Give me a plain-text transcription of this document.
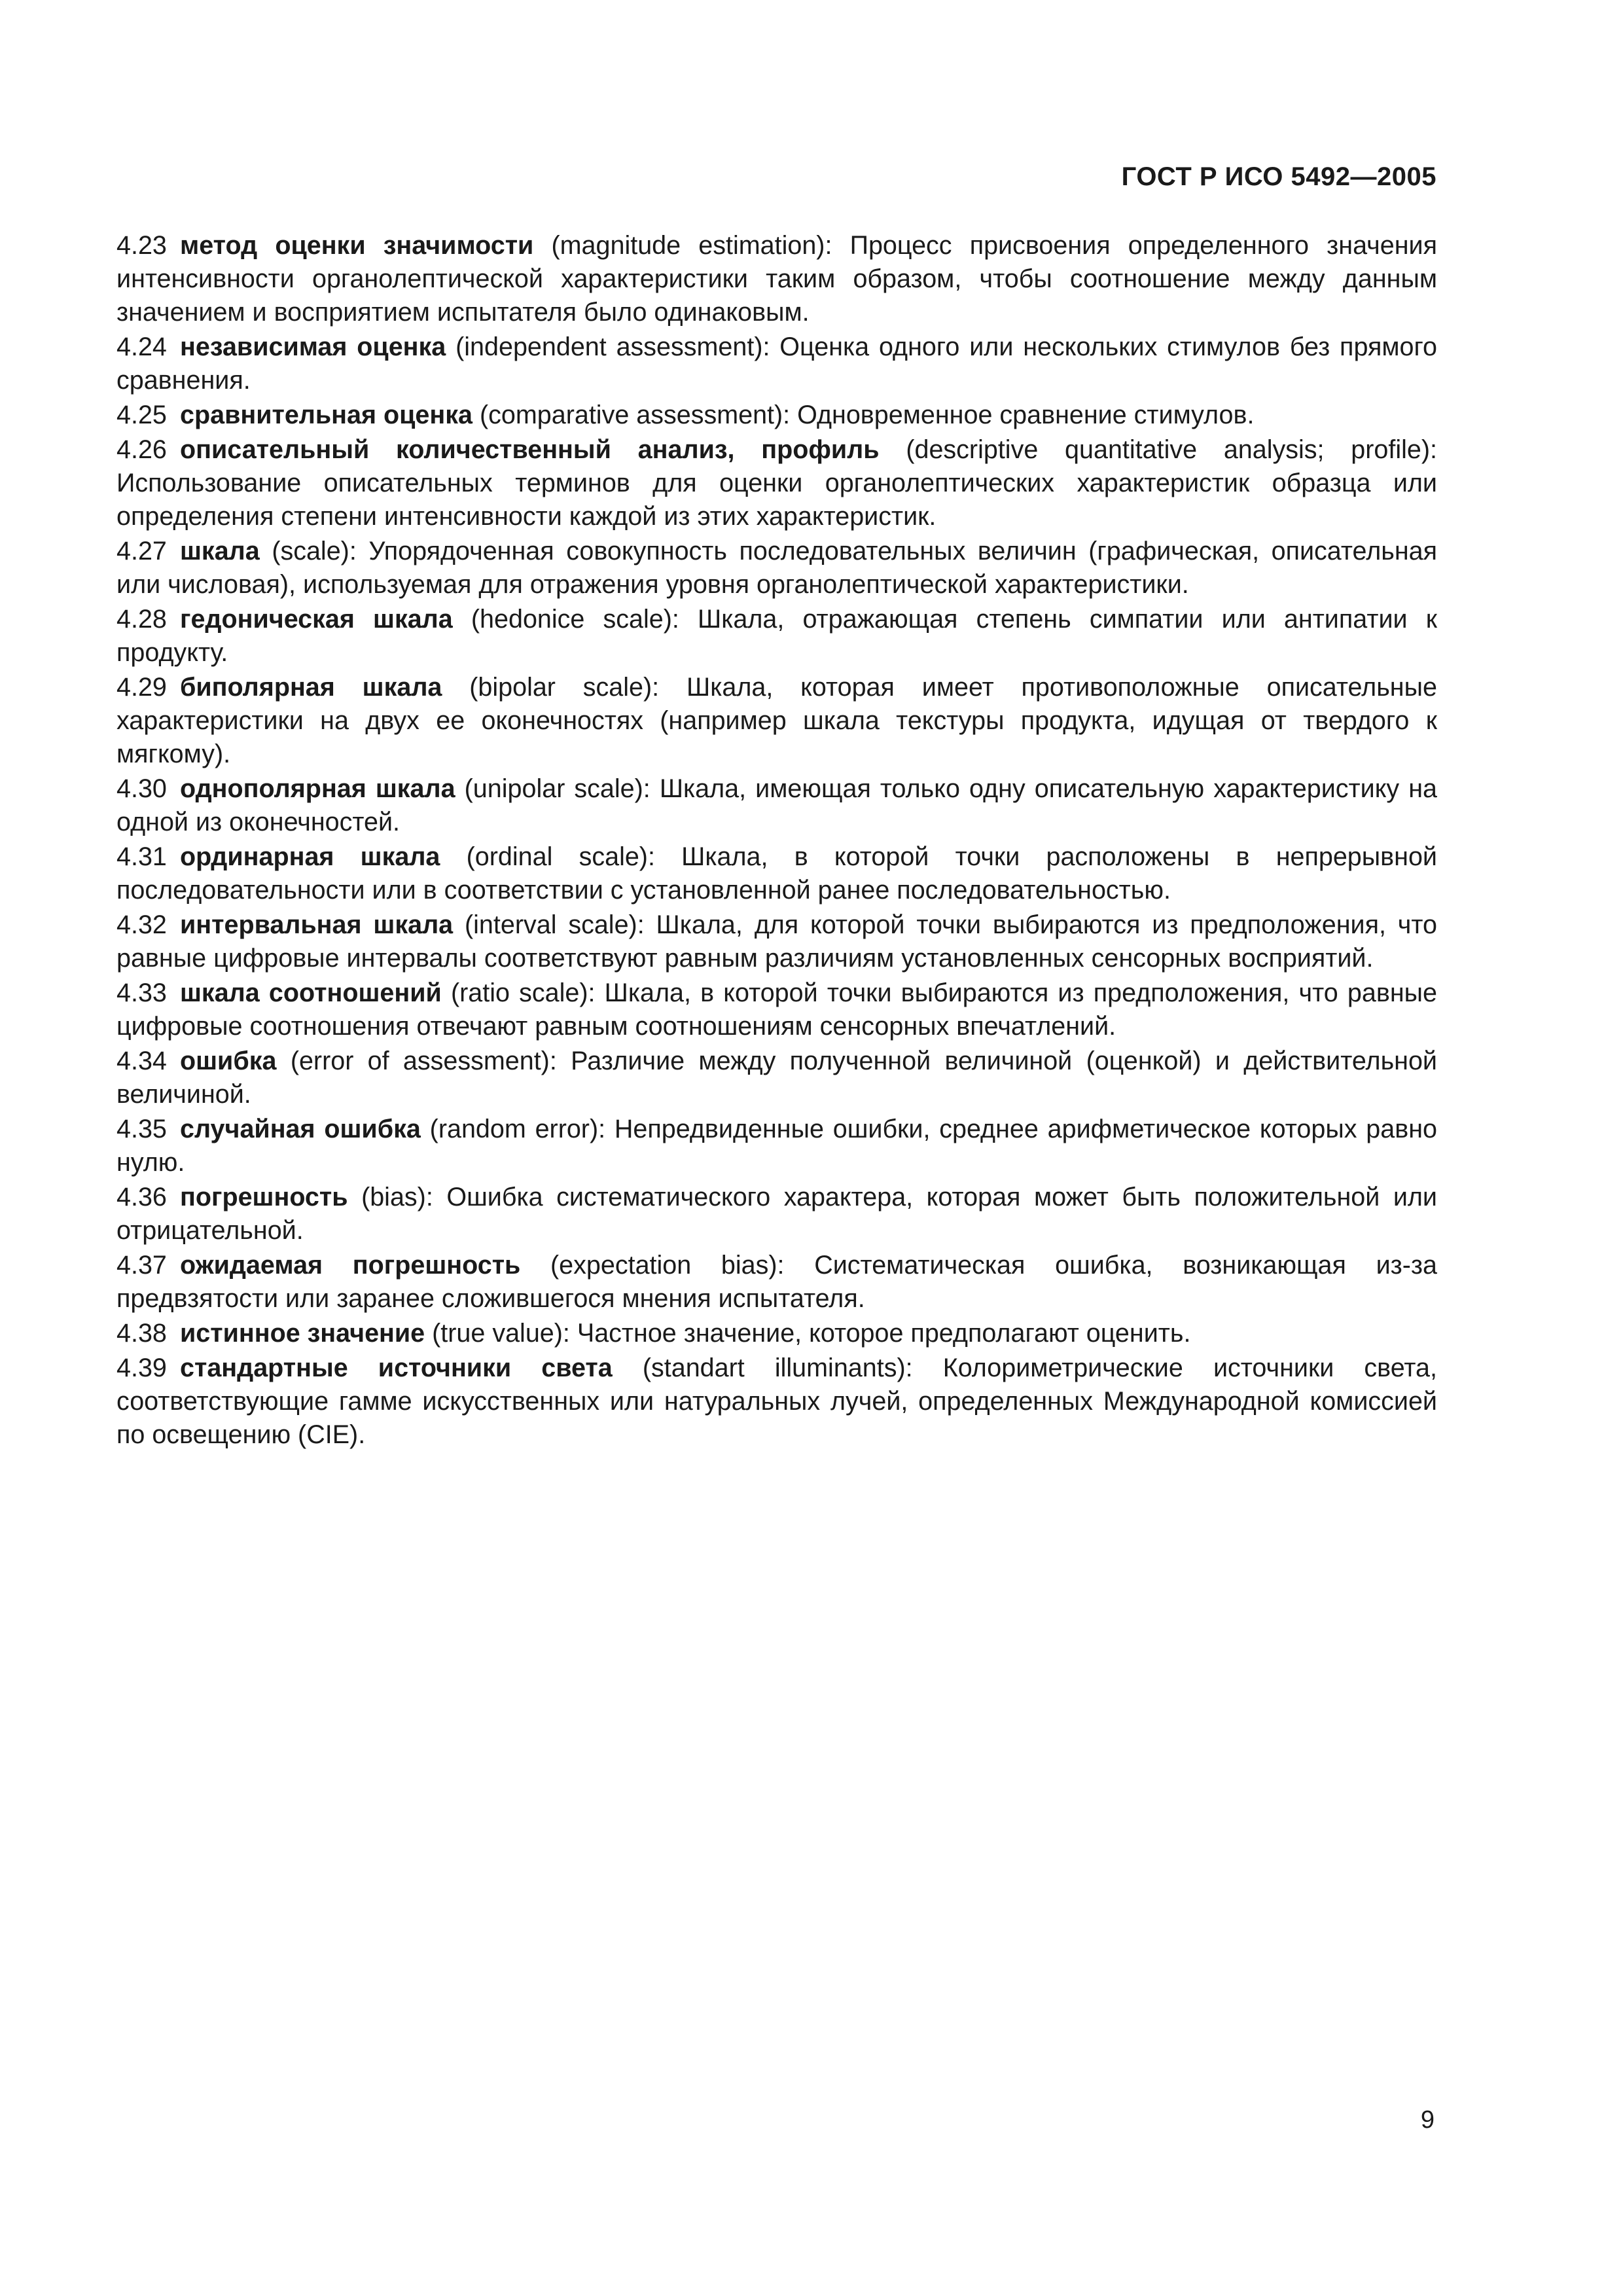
ГОСТ Р ИСО 5492—2005

4.23 метод оценки значимости (magnitude estimation): Процесс присвоения определенного значения интенсивности органолептической характеристики таким образом, чтобы соотношение между данным значением и восприятием испытателя было одинаковым.

4.24 независимая оценка (independent assessment): Оценка одного или нескольких стимулов без прямого сравнения.

4.25 сравнительная оценка (comparative assessment): Одновременное сравнение стимулов.

4.26 описательный количественный анализ, профиль (descriptive quantitative analysis; profile): Использование описательных терминов для оценки органолептических характеристик образца или определения степени интенсивности каждой из этих характеристик.

4.27 шкала (scale): Упорядоченная совокупность последовательных величин (графическая, описательная или числовая), используемая для отражения уровня органолептической характеристики.

4.28 гедоническая шкала (hedonice scale): Шкала, отражающая степень симпатии или антипатии к продукту.

4.29 биполярная шкала (bipolar scale): Шкала, которая имеет противоположные описательные характеристики на двух ее оконечностях (например шкала текстуры продукта, идущая от твердого к мягкому).

4.30 однополярная шкала (unipolar scale): Шкала, имеющая только одну описательную характеристику на одной из оконечностей.

4.31 ординарная шкала (ordinal scale): Шкала, в которой точки расположены в непрерывной последовательности или в соответствии с установленной ранее последовательностью.

4.32 интервальная шкала (interval scale): Шкала, для которой точки выбираются из предположения, что равные цифровые интервалы соответствуют равным различиям установленных сенсорных восприятий.

4.33 шкала соотношений (ratio scale): Шкала, в которой точки выбираются из предположения, что равные цифровые соотношения отвечают равным соотношениям сенсорных впечатлений.

4.34 ошибка (error of assessment): Различие между полученной величиной (оценкой) и действительной величиной.

4.35 случайная ошибка (random error): Непредвиденные ошибки, среднее арифметическое которых равно нулю.

4.36 погрешность (bias): Ошибка систематического характера, которая может быть положительной или отрицательной.

4.37 ожидаемая погрешность (expectation bias): Систематическая ошибка, возникающая из-за предвзятости или заранее сложившегося мнения испытателя.

4.38 истинное значение (true value): Частное значение, которое предполагают оценить.

4.39 стандартные источники света (standart illuminants): Колориметрические источники света, соответствующие гамме искусственных или натуральных лучей, определенных Международной комиссией по освещению (CIE).

9
